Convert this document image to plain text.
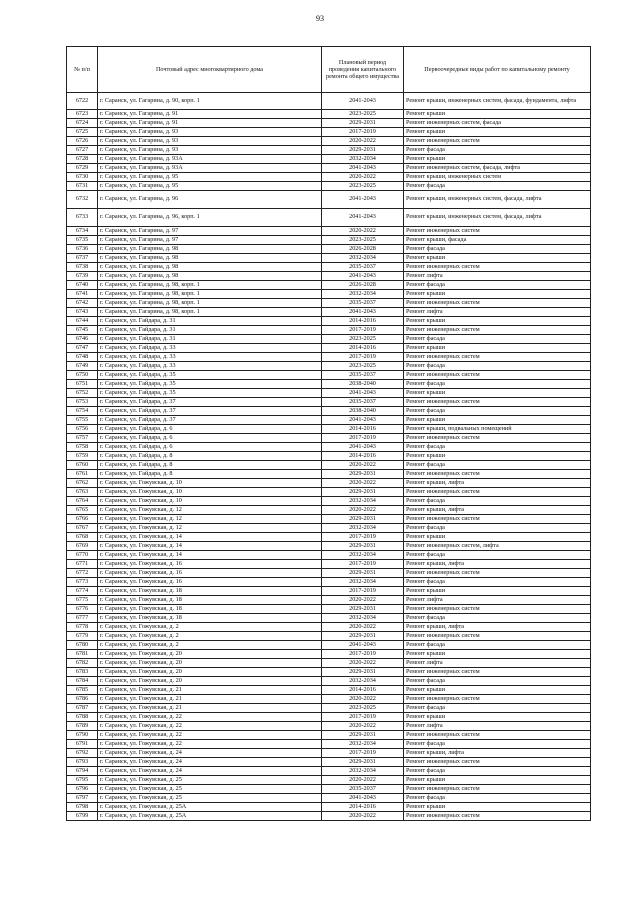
93
№ п/п	Почтовый адрес многоквартирного дома	Плановый период проведения капитального ремонта общего имущества	Первоочередные виды работ по капитальному ремонту
6722	г. Саранск, ул. Гагарина, д. 90, корп. 1	2041-2043	Ремонт крыши, инженерных систем, фасада, фундамента, лифта
6723	г. Саранск, ул. Гагарина, д. 91	2023-2025	Ремонт крыши
6724	г. Саранск, ул. Гагарина, д. 91	2029-2031	Ремонт инженерных систем, фасада
6725	г. Саранск, ул. Гагарина, д. 93	2017-2019	Ремонт крыши
6726	г. Саранск, ул. Гагарина, д. 93	2020-2022	Ремонт инженерных систем
6727	г. Саранск, ул. Гагарина, д. 93	2029-2031	Ремонт фасада
6728	г. Саранск, ул. Гагарина, д. 93А	2032-2034	Ремонт крыши
6729	г. Саранск, ул. Гагарина, д. 93А	2041-2043	Ремонт инженерных систем, фасада, лифта
6730	г. Саранск, ул. Гагарина, д. 95	2020-2022	Ремонт крыши, инженерных систем
6731	г. Саранск, ул. Гагарина, д. 95	2023-2025	Ремонт фасада
6732	г. Саранск, ул. Гагарина, д. 96	2041-2043	Ремонт крыши, инженерных систем, фасада, лифта
6733	г. Саранск, ул. Гагарина, д. 96, корп. 1	2041-2043	Ремонт крыши, инженерных систем, фасада, лифта
6734	г. Саранск, ул. Гагарина, д. 97	2020-2022	Ремонт инженерных систем
6735	г. Саранск, ул. Гагарина, д. 97	2023-2025	Ремонт крыши, фасада
6736	г. Саранск, ул. Гагарина, д. 98	2026-2028	Ремонт фасада
6737	г. Саранск, ул. Гагарина, д. 98	2032-2034	Ремонт крыши
6738	г. Саранск, ул. Гагарина, д. 98	2035-2037	Ремонт инженерных систем
6739	г. Саранск, ул. Гагарина, д. 98	2041-2043	Ремонт лифта
6740	г. Саранск, ул. Гагарина, д. 98, корп. 1	2026-2028	Ремонт фасада
6741	г. Саранск, ул. Гагарина, д. 98, корп. 1	2032-2034	Ремонт крыши
6742	г. Саранск, ул. Гагарина, д. 98, корп. 1	2035-2037	Ремонт инженерных систем
6743	г. Саранск, ул. Гагарина, д. 98, корп. 1	2041-2043	Ремонт лифта
6744	г. Саранск, ул. Гайдара, д. 31	2014-2016	Ремонт крыши
6745	г. Саранск, ул. Гайдара, д. 31	2017-2019	Ремонт инженерных систем
6746	г. Саранск, ул. Гайдара, д. 31	2023-2025	Ремонт фасада
6747	г. Саранск, ул. Гайдара, д. 33	2014-2016	Ремонт крыши
6748	г. Саранск, ул. Гайдара, д. 33	2017-2019	Ремонт инженерных систем
6749	г. Саранск, ул. Гайдара, д. 33	2023-2025	Ремонт фасада
6750	г. Саранск, ул. Гайдара, д. 35	2035-2037	Ремонт инженерных систем
6751	г. Саранск, ул. Гайдара, д. 35	2038-2040	Ремонт фасада
6752	г. Саранск, ул. Гайдара, д. 35	2041-2043	Ремонт крыши
6753	г. Саранск, ул. Гайдара, д. 37	2035-2037	Ремонт инженерных систем
6754	г. Саранск, ул. Гайдара, д. 37	2038-2040	Ремонт фасада
6755	г. Саранск, ул. Гайдара, д. 37	2041-2043	Ремонт крыши
6756	г. Саранск, ул. Гайдара, д. 6	2014-2016	Ремонт крыши, подвальных помещений
6757	г. Саранск, ул. Гайдара, д. 6	2017-2019	Ремонт инженерных систем
6758	г. Саранск, ул. Гайдара, д. 6	2041-2043	Ремонт фасада
6759	г. Саранск, ул. Гайдара, д. 8	2014-2016	Ремонт крыши
6760	г. Саранск, ул. Гайдара, д. 8	2020-2022	Ремонт фасада
6761	г. Саранск, ул. Гайдара, д. 8	2029-2031	Ремонт инженерных систем
6762	г. Саранск, ул. Гожувская, д. 10	2020-2022	Ремонт крыши, лифта
6763	г. Саранск, ул. Гожувская, д. 10	2029-2031	Ремонт инженерных систем
6764	г. Саранск, ул. Гожувская, д. 10	2032-2034	Ремонт фасада
6765	г. Саранск, ул. Гожувская, д. 12	2020-2022	Ремонт крыши, лифта
6766	г. Саранск, ул. Гожувская, д. 12	2029-2031	Ремонт инженерных систем
6767	г. Саранск, ул. Гожувская, д. 12	2032-2034	Ремонт фасада
6768	г. Саранск, ул. Гожувская, д. 14	2017-2019	Ремонт крыши
6769	г. Саранск, ул. Гожувская, д. 14	2029-2031	Ремонт инженерных систем, лифта
6770	г. Саранск, ул. Гожувская, д. 14	2032-2034	Ремонт фасада
6771	г. Саранск, ул. Гожувская, д. 16	2017-2019	Ремонт крыши, лифта
6772	г. Саранск, ул. Гожувская, д. 16	2029-2031	Ремонт инженерных систем
6773	г. Саранск, ул. Гожувская, д. 16	2032-2034	Ремонт фасада
6774	г. Саранск, ул. Гожувская, д. 18	2017-2019	Ремонт крыши
6775	г. Саранск, ул. Гожувская, д. 18	2020-2022	Ремонт лифта
6776	г. Саранск, ул. Гожувская, д. 18	2029-2031	Ремонт инженерных систем
6777	г. Саранск, ул. Гожувская, д. 18	2032-2034	Ремонт фасада
6778	г. Саранск, ул. Гожувская, д. 2	2020-2022	Ремонт крыши, лифта
6779	г. Саранск, ул. Гожувская, д. 2	2029-2031	Ремонт инженерных систем
6780	г. Саранск, ул. Гожувская, д. 2	2041-2043	Ремонт фасада
6781	г. Саранск, ул. Гожувская, д. 20	2017-2019	Ремонт крыши
6782	г. Саранск, ул. Гожувская, д. 20	2020-2022	Ремонт лифта
6783	г. Саранск, ул. Гожувская, д. 20	2029-2031	Ремонт инженерных систем
6784	г. Саранск, ул. Гожувская, д. 20	2032-2034	Ремонт фасада
6785	г. Саранск, ул. Гожувская, д. 21	2014-2016	Ремонт крыши
6786	г. Саранск, ул. Гожувская, д. 21	2020-2022	Ремонт инженерных систем
6787	г. Саранск, ул. Гожувская, д. 21	2023-2025	Ремонт фасада
6788	г. Саранск, ул. Гожувская, д. 22	2017-2019	Ремонт крыши
6789	г. Саранск, ул. Гожувская, д. 22	2020-2022	Ремонт лифта
6790	г. Саранск, ул. Гожувская, д. 22	2029-2031	Ремонт инженерных систем
6791	г. Саранск, ул. Гожувская, д. 22	2032-2034	Ремонт фасада
6792	г. Саранск, ул. Гожувская, д. 24	2017-2019	Ремонт крыши, лифта
6793	г. Саранск, ул. Гожувская, д. 24	2029-2031	Ремонт инженерных систем
6794	г. Саранск, ул. Гожувская, д. 24	2032-2034	Ремонт фасада
6795	г. Саранск, ул. Гожувская, д. 25	2020-2022	Ремонт крыши
6796	г. Саранск, ул. Гожувская, д. 25	2035-2037	Ремонт инженерных систем
6797	г. Саранск, ул. Гожувская, д. 25	2041-2043	Ремонт фасада
6798	г. Саранск, ул. Гожувская, д. 25А	2014-2016	Ремонт крыши
6799	г. Саранск, ул. Гожувская, д. 25А	2020-2022	Ремонт инженерных систем
